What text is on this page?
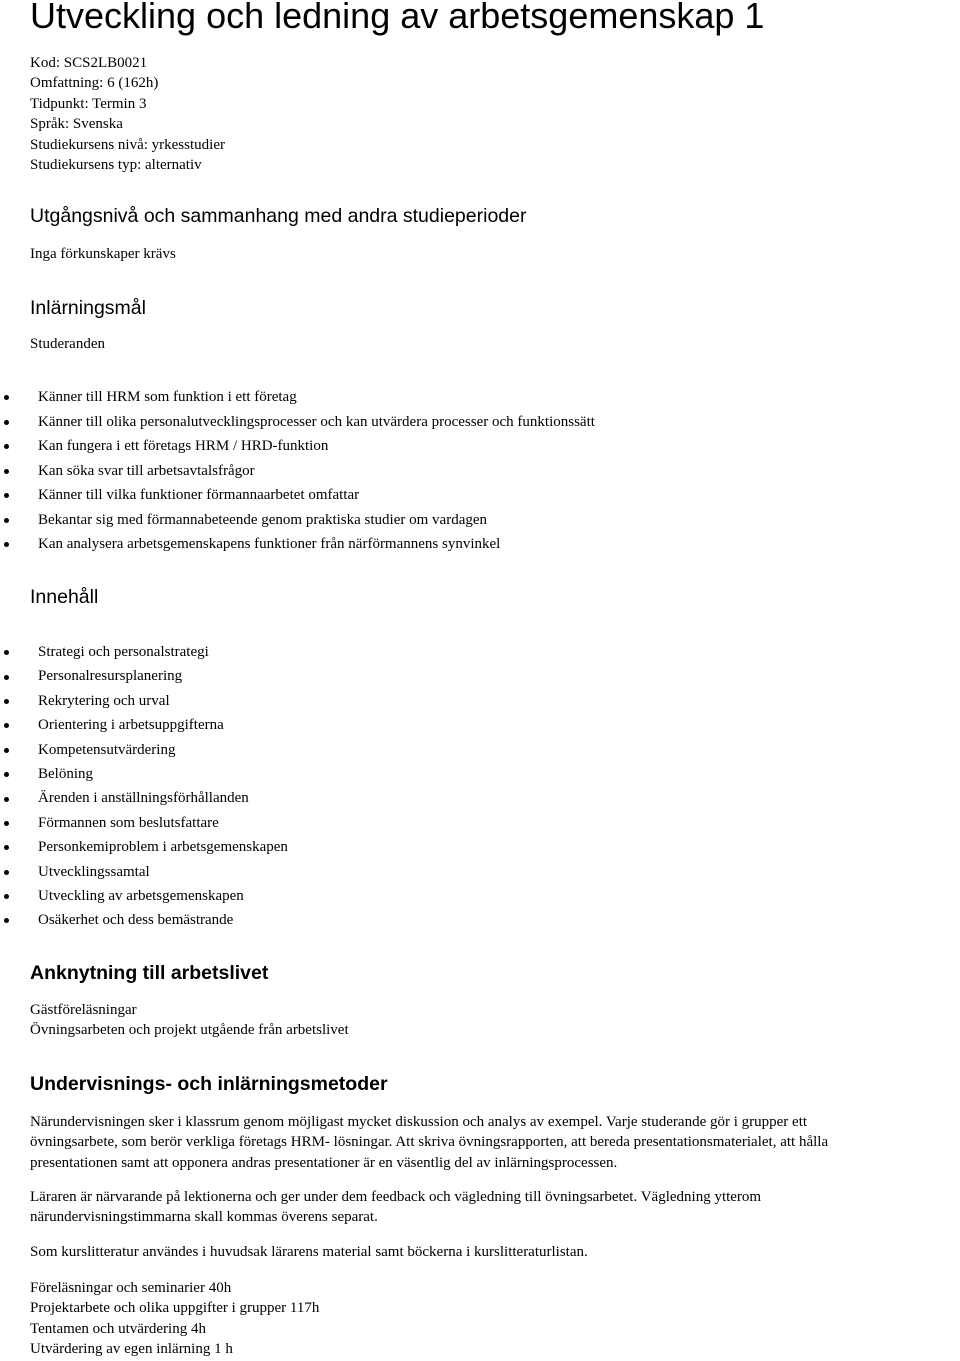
Utveckling och ledning av arbetsgemenskap 1
Kod: SCS2LB0021
Omfattning: 6 (162h)
Tidpunkt: Termin 3
Språk: Svenska
Studiekursens nivå: yrkesstudier
Studiekursens typ: alternativ
Utgångsnivå och sammanhang med andra studieperioder
Inga förkunskaper krävs
Inlärningsmål
Studeranden
Känner till HRM som funktion i ett företag
Känner till olika personalutvecklingsprocesser och kan utvärdera processer och funktionssätt
Kan fungera i ett företags HRM / HRD-funktion
Kan söka svar till arbetsavtalsfrågor
Känner till vilka funktioner förmannaarbetet omfattar
Bekantar sig med förmannabeteende genom praktiska studier om vardagen
Kan analysera arbetsgemenskapens funktioner från närförmannens synvinkel
Innehåll
Strategi och personalstrategi
Personalresursplanering
Rekrytering och urval
Orientering i arbetsuppgifterna
Kompetensutvärdering
Belöning
Ärenden i anställningsförhållanden
Förmannen som beslutsfattare
Personkemiproblem i arbetsgemenskapen
Utvecklingssamtal
Utveckling av arbetsgemenskapen
Osäkerhet och dess bemästrande
Anknytning till arbetslivet
Gästföreläsningar
Övningsarbeten och projekt utgående från arbetslivet
Undervisnings- och inlärningsmetoder
Närundervisningen sker i klassrum genom möjligast mycket diskussion och analys av exempel. Varje studerande gör i grupper ett
övningsarbete, som berör verkliga företags HRM- lösningar. Att skriva övningsrapporten, att bereda presentationsmaterialet, att hålla
presentationen samt att opponera andras presentationer är en väsentlig del av inlärningsprocessen.
Läraren är närvarande på lektionerna och ger under dem feedback och vägledning till övningsarbetet. Vägledning ytterom
närundervisningstimmarna skall kommas överens separat.
Som kurslitteratur användes i huvudsak lärarens material samt böckerna i kurslitteraturlistan.
Föreläsningar och seminarier 40h
Projektarbete och olika uppgifter i grupper 117h
Tentamen och utvärdering 4h
Utvärdering av egen inlärning 1 h
